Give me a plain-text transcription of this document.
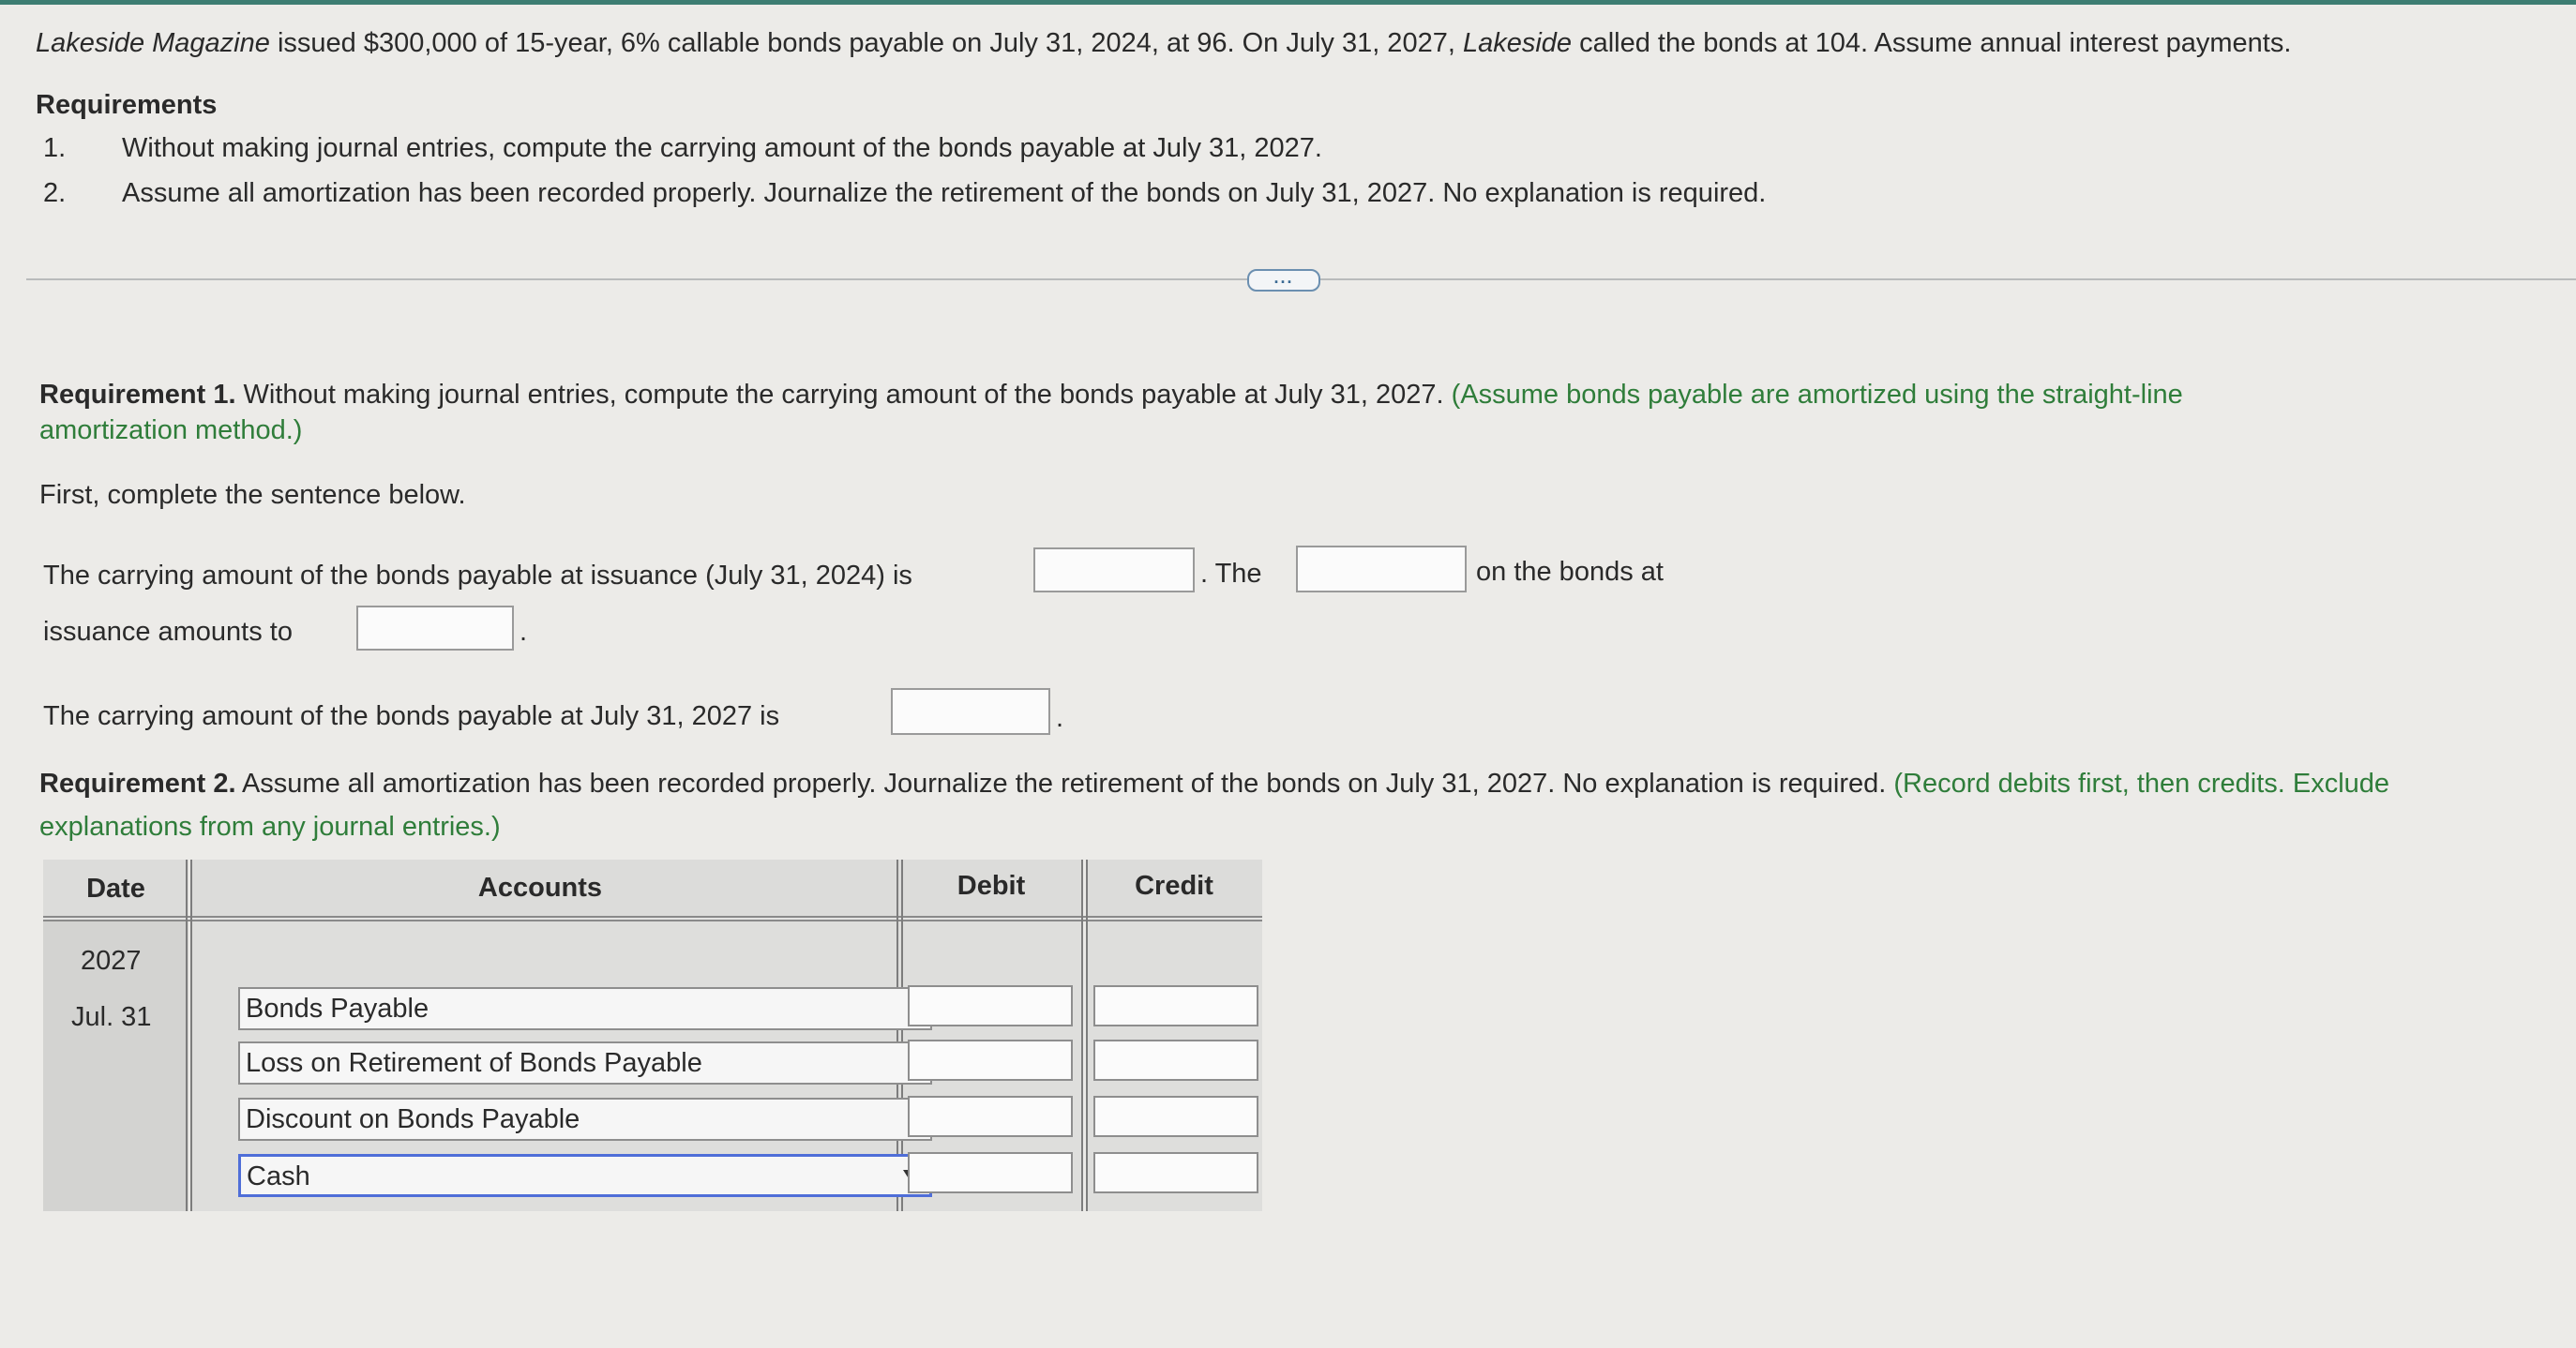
Lakeside Magazine issued $300,000 of 15-year, 6% callable bonds payable on July 31, 2024, at 96. On July 31, 2027, Lakeside called the bonds at 104. Assume annual interest payments.
Requirements
1. Without making journal entries, compute the carrying amount of the bonds payable at July 31, 2027.
2. Assume all amortization has been recorded properly. Journalize the retirement of the bonds on July 31, 2027. No explanation is required.
...
Requirement 1. Without making journal entries, compute the carrying amount of the bonds payable at July 31, 2027. (Assume bonds payable are amortized using the straight-line
amortization method.)
First, complete the sentence below.
The carrying amount of the bonds payable at issuance (July 31, 2024) is	. The	on the bonds at
issuance amounts to	.
The carrying amount of the bonds payable at July 31, 2027 is	.
Requirement 2. Assume all amortization has been recorded properly. Journalize the retirement of the bonds on July 31, 2027. No explanation is required. (Record debits first, then credits. Exclude
explanations from any journal entries.)
Date	Accounts	Debit	Credit
2027
Jul. 31	Bonds Payable
Loss on Retirement of Bonds Payable
Discount on Bonds Payable
Cash
